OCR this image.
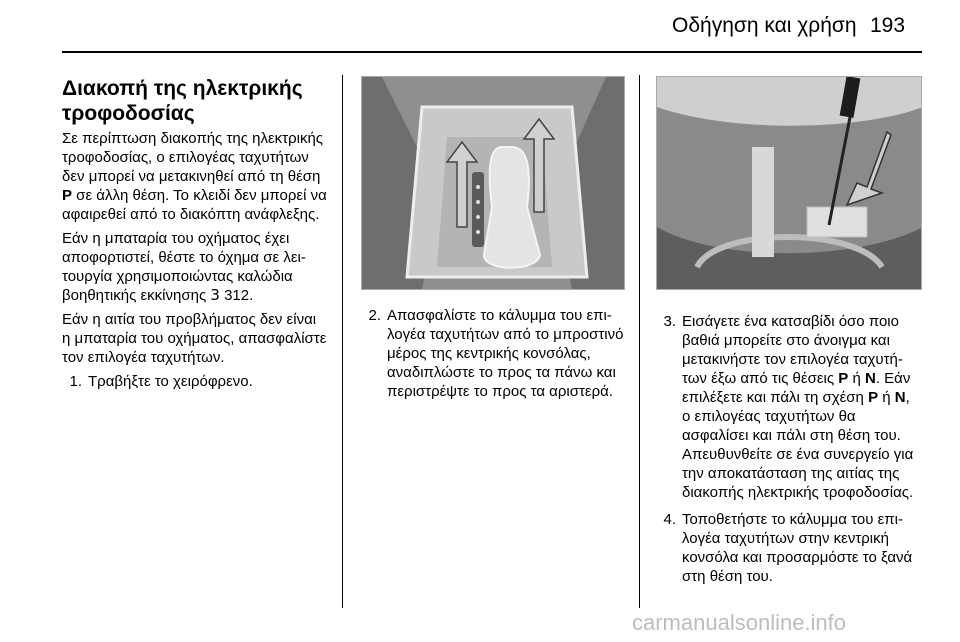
Οδήγηση και χρήση 193
Διακοπή της ηλεκτρικής τροφοδοσίας
Σε περίπτωση διακοπής της ηλεκτρικής τροφοδοσίας, ο επιλογέας ταχυτήτων δεν μπορεί να μετακινηθεί από τη θέση P σε άλλη θέση. Το κλειδί δεν μπορεί να αφαιρεθεί από το διακόπτη ανάφλεξης.
Εάν η μπαταρία του οχήματος έχει αποφορτιστεί, θέστε το όχημα σε λειτουργία χρησιμοποιώντας καλώδια βοηθητικής εκκίνησης 3 312.
Εάν η αιτία του προβλήματος δεν είναι η μπαταρία του οχήματος, απασφαλίστε τον επιλογέα ταχυτήτων.
1. Τραβήξτε το χειρόφρενο.
2. Απασφαλίστε το κάλυμμα του επιλογέα ταχυτήτων από το μπροστινό μέρος της κεντρικής κονσόλας, αναδιπλώστε το προς τα πάνω και περιστρέψτε το προς τα αριστερά.
3. Εισάγετε ένα κατσαβίδι όσο ποιο βαθιά μπορείτε στο άνοιγμα και μετακινήστε τον επιλογέα ταχυτήτων έξω από τις θέσεις P ή N. Εάν επιλέξετε και πάλι τη σχέση P ή N, ο επιλογέας ταχυτήτων θα ασφαλίσει και πάλι στη θέση του. Απευθυνθείτε σε ένα συνεργείο για την αποκατάσταση της αιτίας της διακοπής ηλεκτρικής τροφοδοσίας.
4. Τοποθετήστε το κάλυμμα του επιλογέα ταχυτήτων στην κεντρική κονσόλα και προσαρμόστε το ξανά στη θέση του.
carmanualsonline.info
